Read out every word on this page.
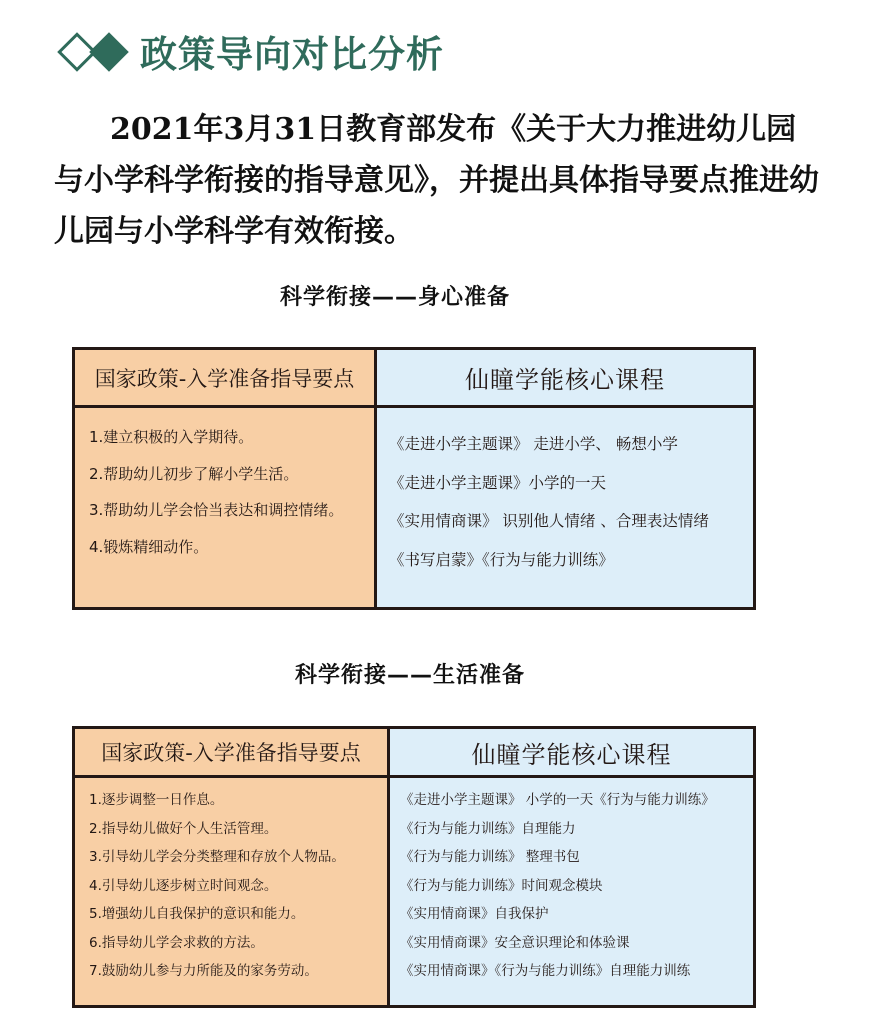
政策导向对比分析

2021年3月31日教育部发布《关于大力推进幼儿园与小学科学衔接的指导意见》，并提出具体指导要点推进幼儿园与小学科学有效衔接。

科学衔接——身心准备
国家政策-入学准备指导要点	仙瞳学能核心课程
1.建立积极的入学期待。
2.帮助幼儿初步了解小学生活。
3.帮助幼儿学会恰当表达和调控情绪。
4.锻炼精细动作。
《走进小学主题课》 走进小学、 畅想小学
《走进小学主题课》小学的一天
《实用情商课》 识别他人情绪 、合理表达情绪
《书写启蒙》《行为与能力训练》
科学衔接——生活准备
国家政策-入学准备指导要点	仙瞳学能核心课程
1.逐步调整一日作息。
2.指导幼儿做好个人生活管理。
3.引导幼儿学会分类整理和存放个人物品。
4.引导幼儿逐步树立时间观念。
5.增强幼儿自我保护的意识和能力。
6.指导幼儿学会求救的方法。
7.鼓励幼儿参与力所能及的家务劳动。
《走进小学主题课》 小学的一天《行为与能力训练》
《行为与能力训练》自理能力
《行为与能力训练》 整理书包
《行为与能力训练》时间观念模块
《实用情商课》自我保护
《实用情商课》安全意识理论和体验课
《实用情商课》《行为与能力训练》自理能力训练
